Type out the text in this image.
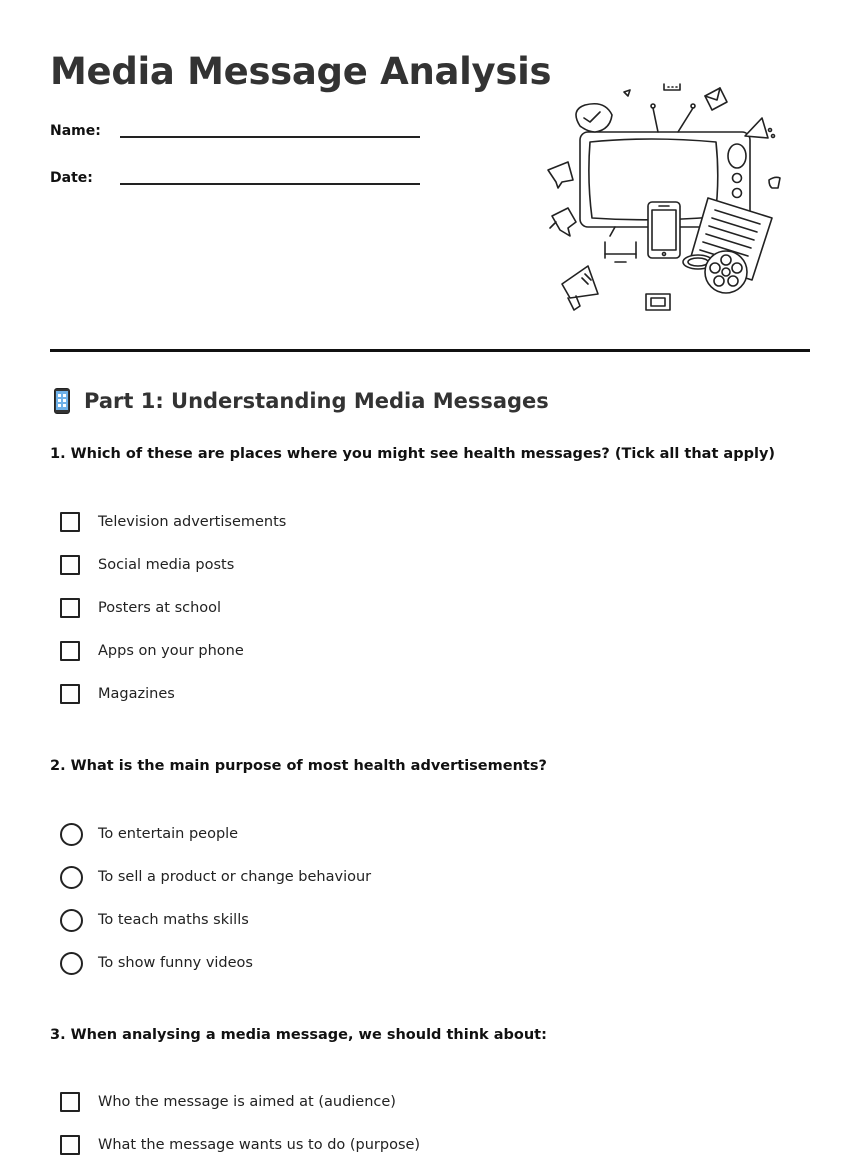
Media Message Analysis
Name:
Date:
Part 1: Understanding Media Messages

1. Which of these are places where you might see health messages? (Tick all that apply)

Television advertisements
Social media posts
Posters at school
Apps on your phone
Magazines

2. What is the main purpose of most health advertisements?

To entertain people
To sell a product or change behaviour
To teach maths skills
To show funny videos

3. When analysing a media message, we should think about:

Who the message is aimed at (audience)
What the message wants us to do (purpose)
